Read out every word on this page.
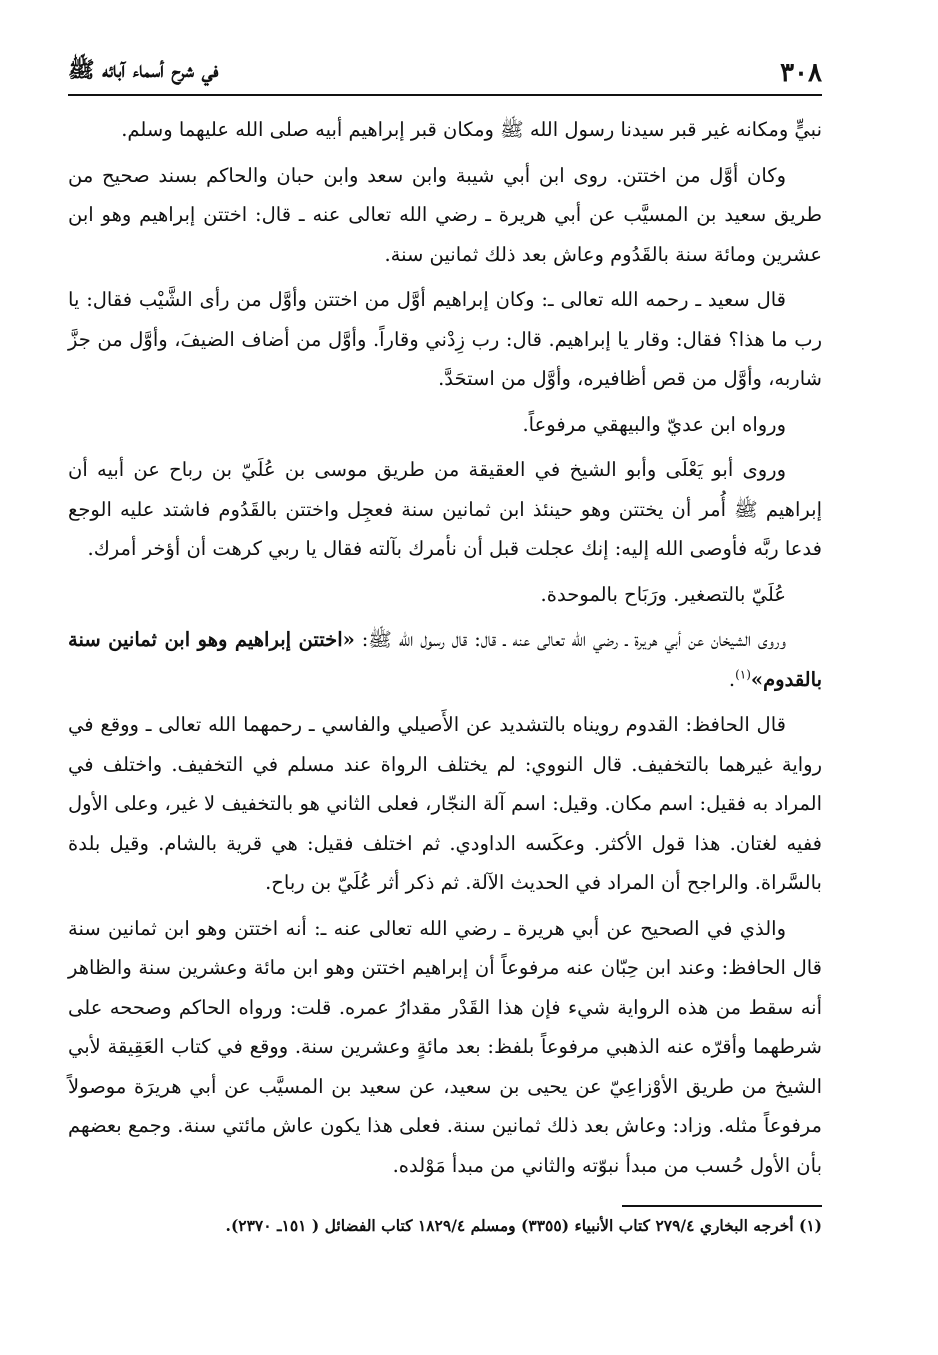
٣٠٨
في شرح أسماء آبائه ﷺ

نبيٍّ ومكانه غير قبر سيدنا رسول الله ﷺ ومكان قبر إبراهيم أبيه صلى الله عليهما وسلم.

وكان أوَّل من اختتن. روى ابن أبي شيبة وابن سعد وابن حبان والحاكم بسند صحيح من طريق سعيد بن المسيَّب عن أبي هريرة ـ رضي الله تعالى عنه ـ قال: اختتن إبراهيم وهو ابن عشرين ومائة سنة بالقَدُوم وعاش بعد ذلك ثمانين سنة.

قال سعيد ـ رحمه الله تعالى ـ: وكان إبراهيم أوَّل من اختتن وأوَّل من رأى الشَّيْب فقال: يا رب ما هذا؟ فقال: وقار يا إبراهيم. قال: رب زِدْني وقاراً. وأوَّل من أضاف الضيفَ، وأوَّل من جزَّ شاربه، وأوَّل من قص أظافيره، وأوَّل من استحَدَّ.

ورواه ابن عديّ والبيهقي مرفوعاً.

وروى أبو يَعْلَى وأبو الشيخ في العقيقة من طريق موسى بن عُلَيّ بن رباح عن أبيه أن إبراهيم ﷺ أُمر أن يختتن وهو حينئذ ابن ثمانين سنة فعجِل واختتن بالقَدُوم فاشتد عليه الوجع فدعا ربَّه فأوصى الله إليه: إنك عجلت قبل أن نأمرك بآلته فقال يا ربي كرهت أن أؤخر أمرك.

عُلَيّ بالتصغير. ورَبَاح بالموحدة.

وروى الشيخان عن أبي هريرة ـ رضي الله تعالى عنه ـ قال: قال رسول الله ﷺ: «اختتن إبراهيم وهو ابن ثمانين سنة بالقدوم»$^{(١)}$.

قال الحافظ: القدوم رويناه بالتشديد عن الأَصيلي والفاسي ـ رحمهما الله تعالى ـ ووقع في رواية غيرهما بالتخفيف. قال النووي: لم يختلف الرواة عند مسلم في التخفيف. واختلف في المراد به فقيل: اسم مكان. وقيل: اسم آلة النجّار، فعلى الثاني هو بالتخفيف لا غير، وعلى الأول ففيه لغتان. هذا قول الأكثر. وعكَسه الداودي. ثم اختلف فقيل: هي قرية بالشام. وقيل بلدة بالسَّراة. والراجح أن المراد في الحديث الآلة. ثم ذكر أثر عُلَيّ بن رباح.

والذي في الصحيح عن أبي هريرة ـ رضي الله تعالى عنه ـ: أنه اختتن وهو ابن ثمانين سنة قال الحافظ: وعند ابن حِبّان عنه مرفوعاً أن إبراهيم اختتن وهو ابن مائة وعشرين سنة والظاهر أنه سقط من هذه الرواية شيء فإن هذا القَدْر مقدارُ عمره. قلت: ورواه الحاكم وصححه على شرطهما وأقرّه عنه الذهبي مرفوعاً بلفظ: بعد مائةٍ وعشرين سنة. ووقع في كتاب العَقِيقة لأبي الشيخ من طريق الأوْزاعِيّ عن يحيى بن سعيد، عن سعيد بن المسيَّب عن أبي هريرَة موصولاً مرفوعاً مثله. وزاد: وعاش بعد ذلك ثمانين سنة. فعلى هذا يكون عاش مائتي سنة. وجمع بعضهم بأن الأول حُسب من مبدأ نبوّته والثاني من مبدأ مَوْلده.

(١) أخرجه البخاري ٢٧٩/٤ كتاب الأنبياء (٣٣٥٥) ومسلم ١٨٢٩/٤ كتاب الفضائل ( ١٥١ـ ٢٣٧٠).
